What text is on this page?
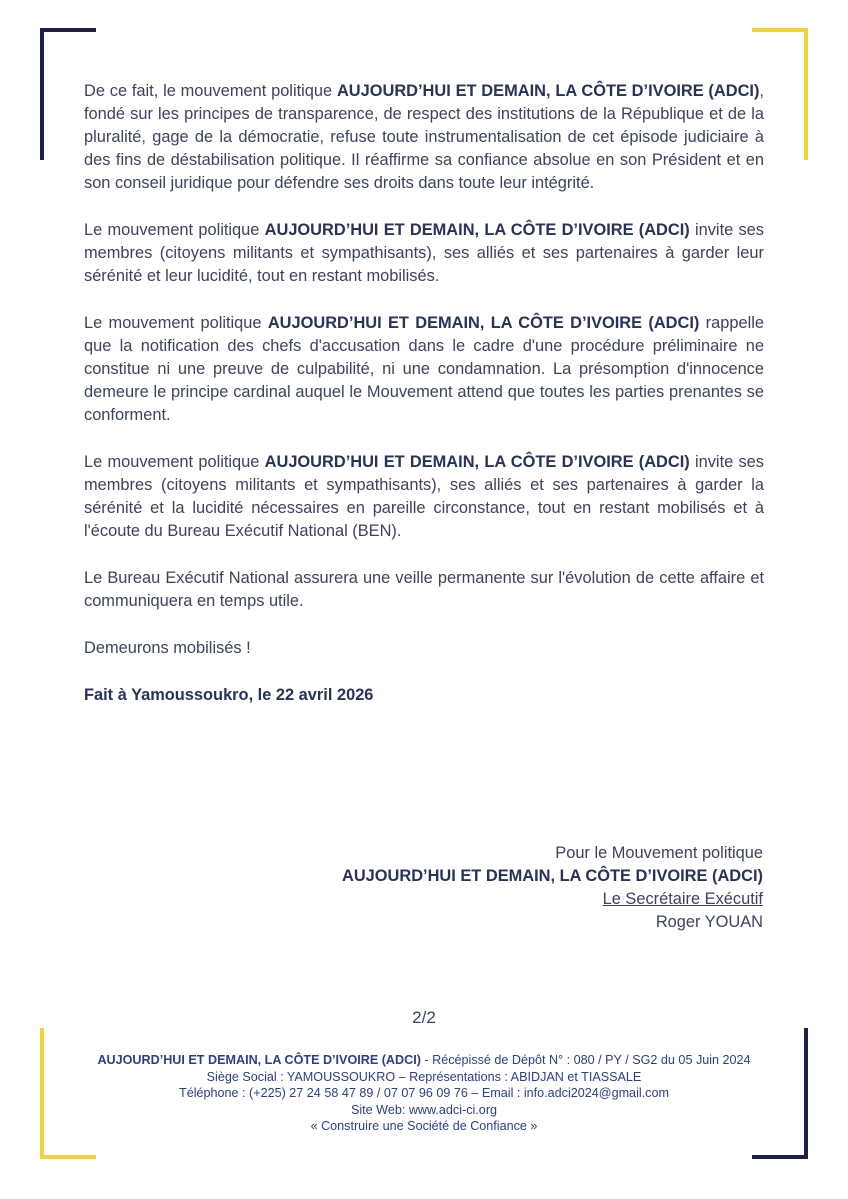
De ce fait, le mouvement politique AUJOURD’HUI ET DEMAIN, LA CÔTE D’IVOIRE (ADCI), fondé sur les principes de transparence, de respect des institutions de la République et de la pluralité, gage de la démocratie, refuse toute instrumentalisation de cet épisode judiciaire à des fins de déstabilisation politique. Il réaffirme sa confiance absolue en son Président et en son conseil juridique pour défendre ses droits dans toute leur intégrité.

Le mouvement politique AUJOURD’HUI ET DEMAIN, LA CÔTE D’IVOIRE (ADCI) invite ses membres (citoyens militants et sympathisants), ses alliés et ses partenaires à garder leur sérénité et leur lucidité, tout en restant mobilisés.

Le mouvement politique AUJOURD’HUI ET DEMAIN, LA CÔTE D’IVOIRE (ADCI) rappelle que la notification des chefs d'accusation dans le cadre d'une procédure préliminaire ne constitue ni une preuve de culpabilité, ni une condamnation. La présomption d'innocence demeure le principe cardinal auquel le Mouvement attend que toutes les parties prenantes se conforment.

Le mouvement politique AUJOURD’HUI ET DEMAIN, LA CÔTE D’IVOIRE (ADCI) invite ses membres (citoyens militants et sympathisants), ses alliés et ses partenaires à garder la sérénité et la lucidité nécessaires en pareille circonstance, tout en restant mobilisés et à l'écoute du Bureau Exécutif National (BEN).

Le Bureau Exécutif National assurera une veille permanente sur l'évolution de cette affaire et communiquera en temps utile.

Demeurons mobilisés !

Fait à Yamoussoukro, le 22 avril 2026

Pour le Mouvement politique
AUJOURD’HUI ET DEMAIN, LA CÔTE D’IVOIRE (ADCI)
Le Secrétaire Exécutif
Roger YOUAN
2/2
AUJOURD’HUI ET DEMAIN, LA CÔTE D’IVOIRE (ADCI) - Récépissé de Dépôt N° : 080 / PY / SG2 du 05 Juin 2024
Siège Social : YAMOUSSOUKRO – Représentations : ABIDJAN et TIASSALE
Téléphone : (+225) 27 24 58 47 89 / 07 07 96 09 76 – Email : info.adci2024@gmail.com
Site Web: www.adci-ci.org
« Construire une Société de Confiance »
